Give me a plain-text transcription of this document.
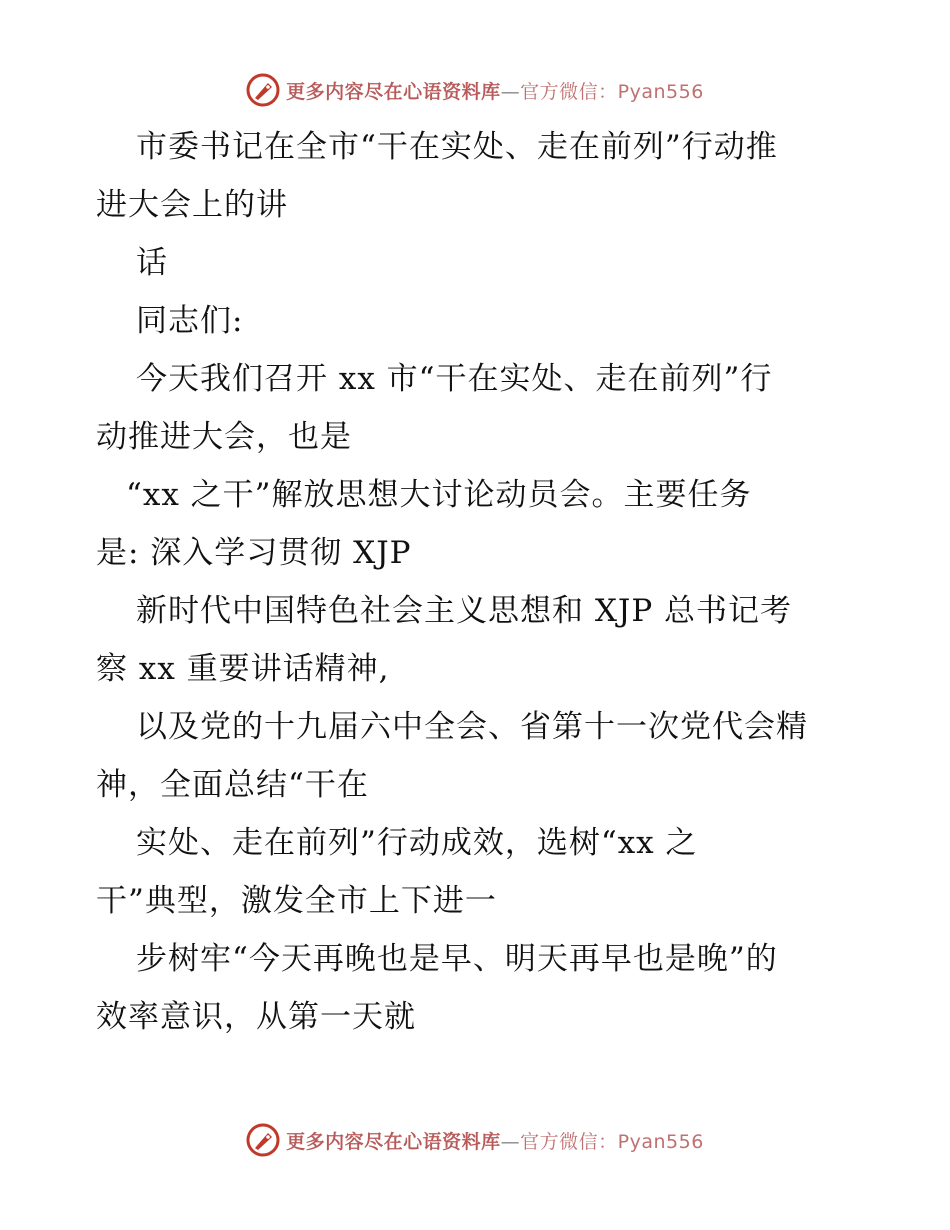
更多内容尽在心语资料库—官方微信：Pyan556
市委书记在全市“干在实处、走在前列”行动推
进大会上的讲
话
同志们:
今天我们召开 xx 市“干在实处、走在前列”行
动推进大会，也是
“xx 之干”解放思想大讨论动员会。主要任务
是: 深入学习贯彻 XJP
新时代中国特色社会主义思想和 XJP 总书记考
察 xx 重要讲话精神,
以及党的十九届六中全会、省第十一次党代会精
神，全面总结“干在
实处、走在前列”行动成效，选树“xx 之
干”典型，激发全市上下进一
步树牢“今天再晚也是早、明天再早也是晚”的
效率意识，从第一天就
更多内容尽在心语资料库—官方微信：Pyan556
